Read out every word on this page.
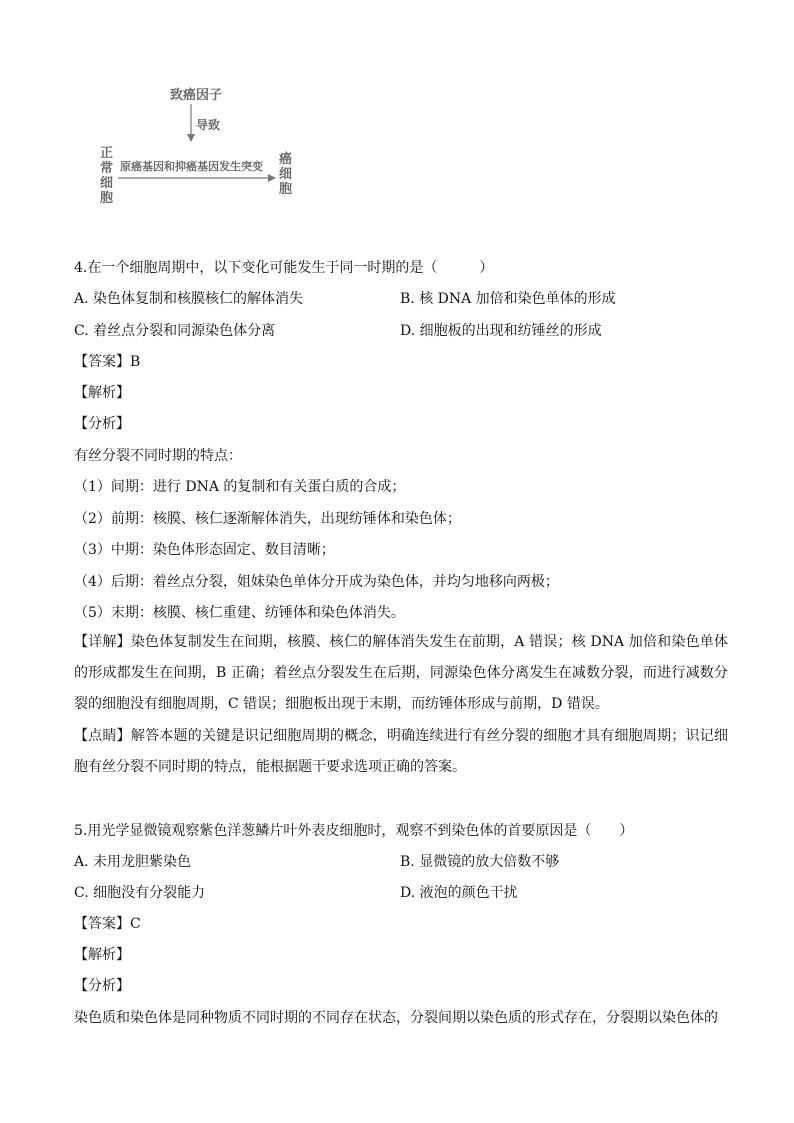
致癌因子
导致
正常细胞
原癌基因和抑癌基因发生突变 癌细胞
4.在一个细胞周期中，以下变化可能发生于同一时期的是（　　　）
A. 染色体复制和核膜核仁的解体消失	B. 核 DNA 加倍和染色单体的形成
C. 着丝点分裂和同源染色体分离	D. 细胞板的出现和纺锤丝的形成
【答案】B
【解析】
【分析】
有丝分裂不同时期的特点：
（1）间期：进行 DNA 的复制和有关蛋白质的合成；
（2）前期：核膜、核仁逐渐解体消失，出现纺锤体和染色体；
（3）中期：染色体形态固定、数目清晰；
（4）后期：着丝点分裂，姐妹染色单体分开成为染色体，并均匀地移向两极；
（5）末期：核膜、核仁重建、纺锤体和染色体消失。
【详解】染色体复制发生在间期，核膜、核仁的解体消失发生在前期，A 错误；核 DNA 加倍和染色单体的形成都发生在间期，B 正确；着丝点分裂发生在后期，同源染色体分离发生在减数分裂，而进行减数分裂的细胞没有细胞周期，C 错误；细胞板出现于末期，而纺锤体形成与前期，D 错误。
【点睛】解答本题的关键是识记细胞周期的概念，明确连续进行有丝分裂的细胞才具有细胞周期；识记细胞有丝分裂不同时期的特点，能根据题干要求选项正确的答案。
5.用光学显微镜观察紫色洋葱鳞片叶外表皮细胞时，观察不到染色体的首要原因是（　　）
A. 未用龙胆紫染色	B. 显微镜的放大倍数不够
C. 细胞没有分裂能力	D. 液泡的颜色干扰
【答案】C
【解析】
【分析】
染色质和染色体是同种物质不同时期的不同存在状态，分裂间期以染色质的形式存在，分裂期以染色体的
